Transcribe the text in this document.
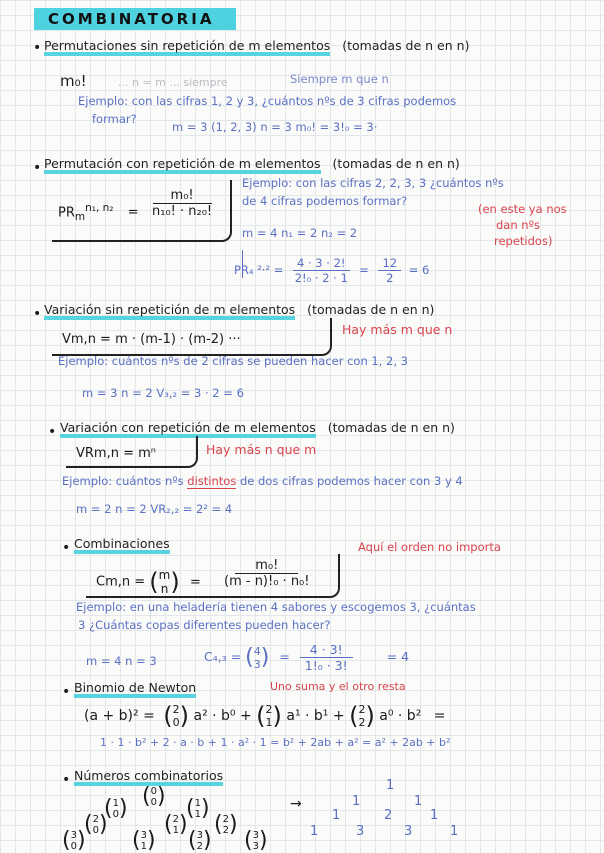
COMBINATORIA
• Permutaciones sin repetición de m elementos (tomadas de n en n)
m₀!	... n = m ... siempre	Siempre m que n
Ejemplo: con las cifras 1, 2 y 3, ¿cuántos nºs de 3 cifras podemos
formar?
m = 3 (1, 2, 3) n = 3 m₀! = 3!₀ = 3·
• Permutación con repetición de m elementos (tomadas de n en n)
$PR_m^{n_1, n_2}$ =	$\frac{\text{m₀!}}{\text{n₁₀! · n₂₀!}}$
Ejemplo: con las cifras 2, 2, 3, 3 ¿cuántos nºs
de 4 cifras podemos formar?
(en este ya nos
dan nºs
repetidos)
m = 4 n₁ = 2 n₂ = 2
PR₄ $^2\cdot^2 = \frac{4 \cdot 3 \cdot 2!}{\text{2!₀ · 2 · 1}} = \frac{12}{2} = 6$
• Variación sin repetición de m elementos (tomadas de n en n)
Vm,n = m · (m-1) · (m-2) ···
Hay más m que n
Ejemplo: cuántos nºs de 2 cifras se pueden hacer con 1, 2, 3
m = 3 n = 2 V₃,₂ = 3 · 2 = 6
• Variación con repetición de m elementos (tomadas de n en n)
VRm,n = mⁿ	Hay más n que m
Ejemplo: cuántos nºs distintos de dos cifras podemos hacer con 3 y 4
m = 2 n = 2 VR₂,₂ = 2² = 4
• Combinaciones
Cm,n = ( m
n ) =	$\frac{\text{m₀!}}{\text{(m - n)!₀ · n₀!}}$
Aquí el orden no importa
Ejemplo: en una heladería tienen 4 sabores y escogemos 3, ¿cuántas
3 ¿Cuántas copas diferentes pueden hacer?
m = 4 n = 3	C₄,₃ = ( 4
3 ) = $\frac{4 \cdot 3!}{\text{1!₀ · 3!}}$	= 4
• Binomio de Newton	Uno suma y el otro resta
(a + b)² = ( 2
0 ) a² · b⁰ + ( 2
1 ) a¹ · b¹ + ( 2
2 ) a⁰ · b² =
1 · 1 · b² + 2 · a · b + 1 · a² · 1 = b² + 2ab + a² = a² + 2ab + b²
• Números combinatorios
( 0
0 )
( 1
0 )	( 1
1 )
( 2
0 )	( 2
1 ) ( 2
2 )
( 3
0 ) ( 3
1 ) ( 3
2 ) ( 3
3 )
→
1
1	1
1	2	1
1	3	3	1
